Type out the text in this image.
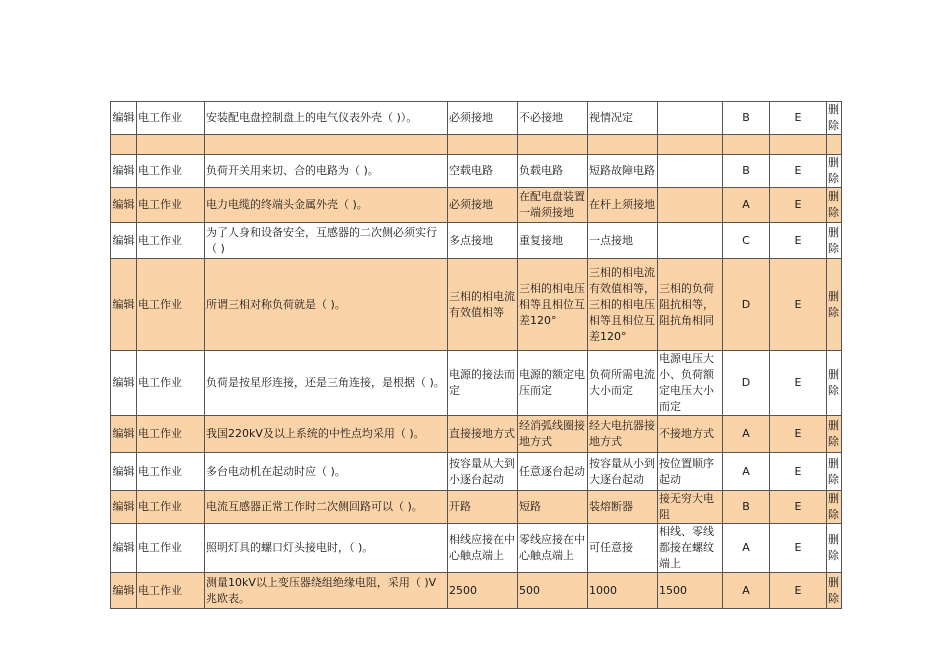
编辑	电工作业	安装配电盘控制盘上的电气仪表外壳（ )）。	必须接地	不必接地	视情况定		B	E	删除

编辑	电工作业	负荷开关用来切、合的电路为（ )。	空载电路	负载电路	短路故障电路		B	E	删除
编辑	电工作业	电力电缆的终端头金属外壳（ )。	必须接地	在配电盘装置一端须接地	在杆上须接地		A	E	删除
编辑	电工作业	为了人身和设备安全，互感器的二次侧必须实行（ )	多点接地	重复接地	一点接地		C	E	删除
编辑	电工作业	所谓三相对称负荷就是（ )。	三相的相电流有效值相等	三相的相电压相等且相位互差120°	三相的相电流有效值相等，三相的相电压相等且相位互差120°	三相的负荷阻抗相等，阻抗角相同	D	E	删除
编辑	电工作业	负荷是按星形连接，还是三角连接，是根据（ )。	电源的接法而定	电源的额定电压而定	负荷所需电流大小而定	电源电压大小、负荷额定电压大小而定	D	E	删除
编辑	电工作业	我国220kV及以上系统的中性点均采用（ )。	直接接地方式	经消弧线圈接地方式	经大电抗器接地方式	不接地方式	A	E	删除
编辑	电工作业	多台电动机在起动时应（ )。	按容量从大到小逐台起动	任意逐台起动	按容量从小到大逐台起动	按位置顺序起动	A	E	删除
编辑	电工作业	电流互感器正常工作时二次侧回路可以（ )。	开路	短路	装熔断器	接无穷大电阻	B	E	删除
编辑	电工作业	照明灯具的螺口灯头接电时，（ )。	相线应接在中心触点端上	零线应接在中心触点端上	可任意接	相线、零线都接在螺纹端上	A	E	删除
编辑	电工作业	测量10kV以上变压器绕组绝缘电阻，采用（ )V兆欧表。	2500	500	1000	1500	A	E	删除
